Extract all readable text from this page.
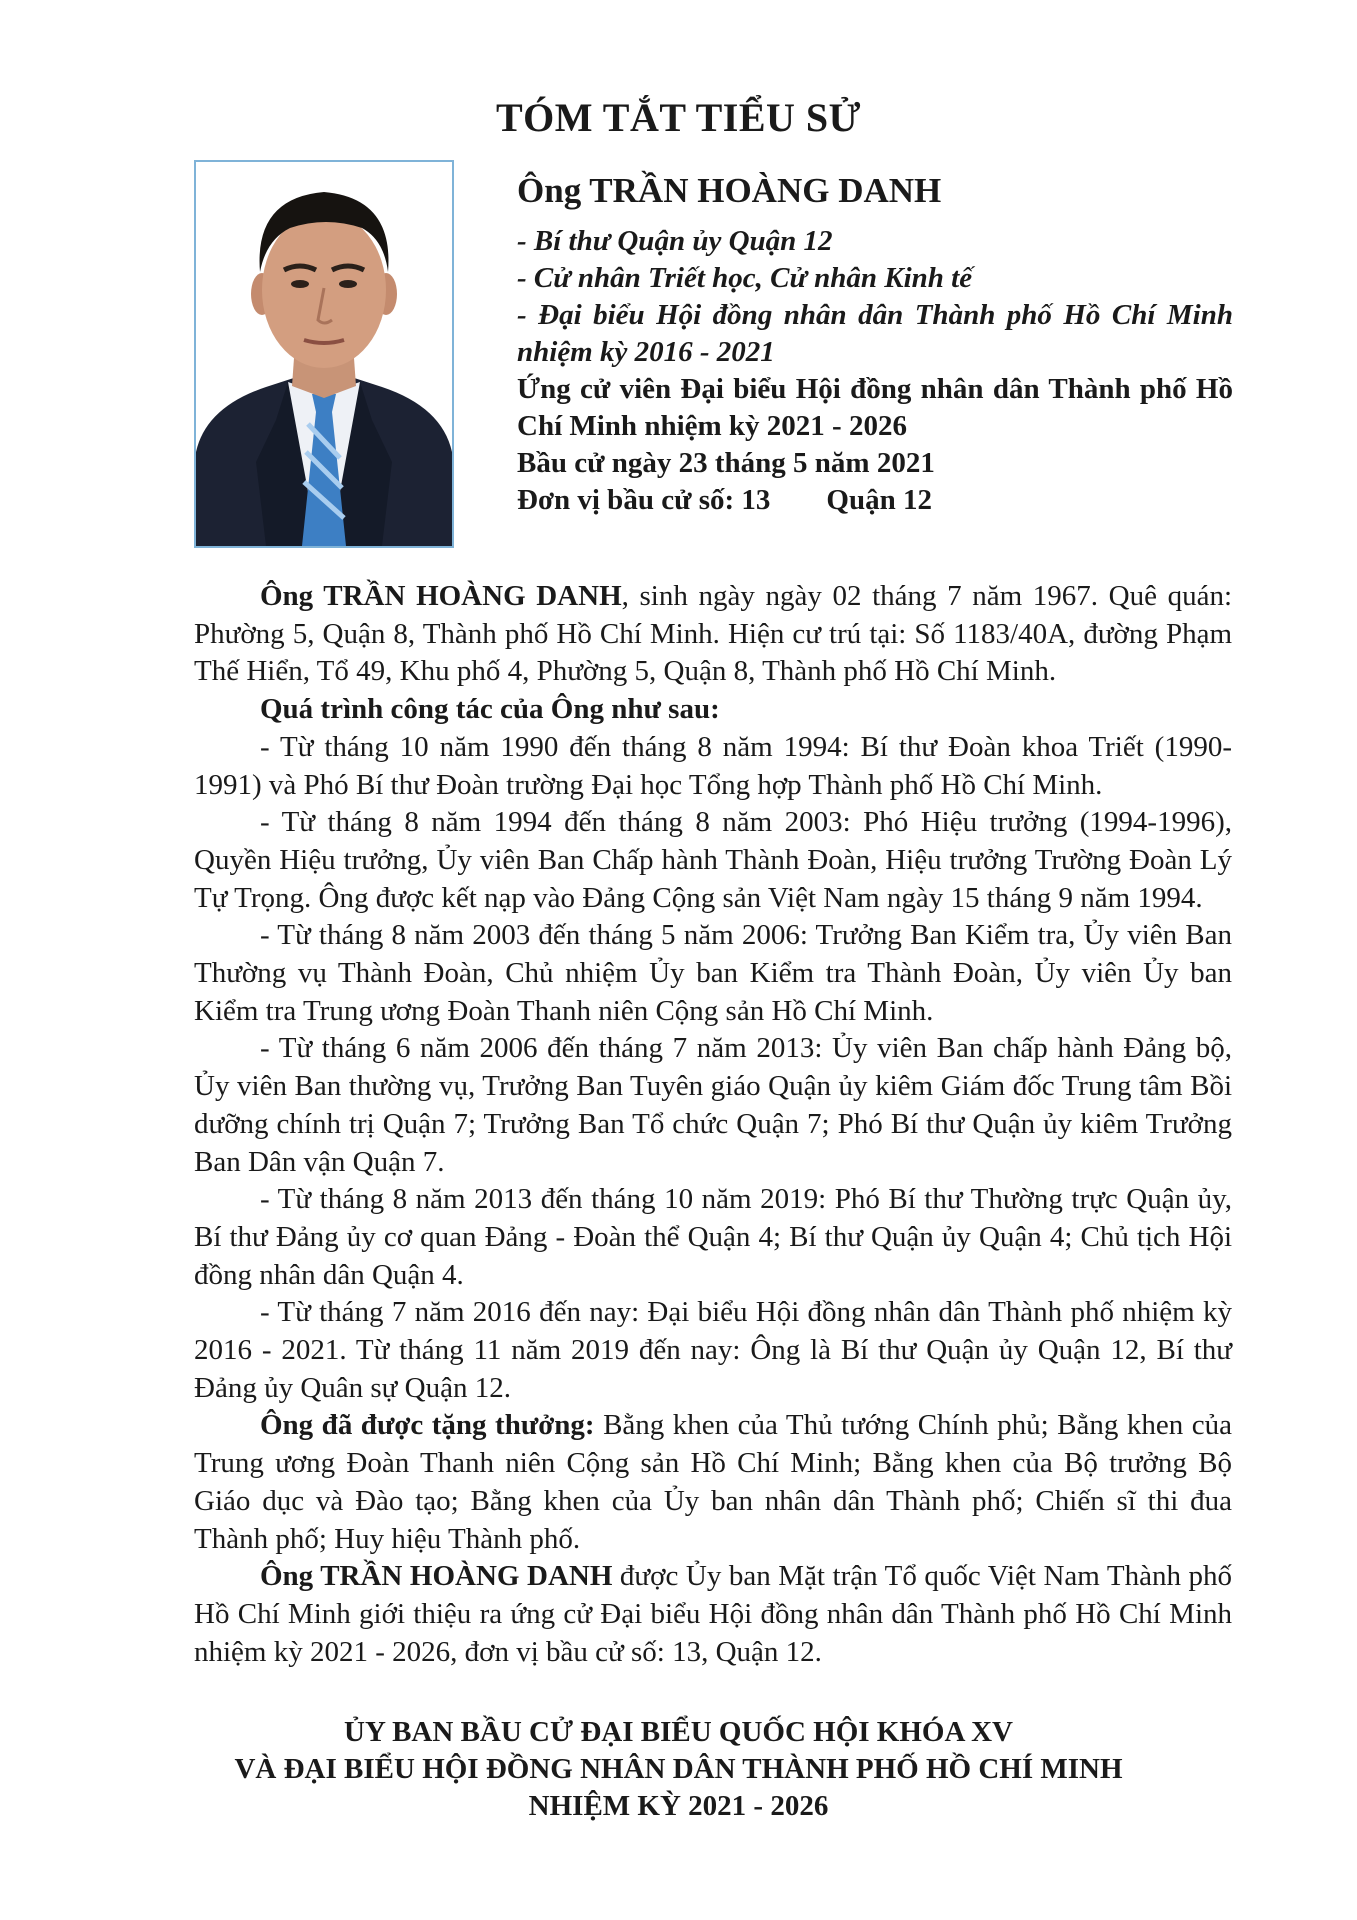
TÓM TẮT TIỂU SỬ
Ông TRẦN HOÀNG DANH
- Bí thư Quận ủy Quận 12
- Cử nhân Triết học, Cử nhân Kinh tế
- Đại biểu Hội đồng nhân dân Thành phố Hồ Chí Minh nhiệm kỳ 2016 - 2021
Ứng cử viên Đại biểu Hội đồng nhân dân Thành phố Hồ Chí Minh nhiệm kỳ 2021 - 2026
Bầu cử ngày 23 tháng 5 năm 2021
Đơn vị bầu cử số: 13 Quận 12

Ông TRẦN HOÀNG DANH, sinh ngày ngày 02 tháng 7 năm 1967. Quê quán: Phường 5, Quận 8, Thành phố Hồ Chí Minh. Hiện cư trú tại: Số 1183/40A, đường Phạm Thế Hiển, Tổ 49, Khu phố 4, Phường 5, Quận 8, Thành phố Hồ Chí Minh.

Quá trình công tác của Ông như sau:

- Từ tháng 10 năm 1990 đến tháng 8 năm 1994: Bí thư Đoàn khoa Triết (1990-1991) và Phó Bí thư Đoàn trường Đại học Tổng hợp Thành phố Hồ Chí Minh.

- Từ tháng 8 năm 1994 đến tháng 8 năm 2003: Phó Hiệu trưởng (1994-1996), Quyền Hiệu trưởng, Ủy viên Ban Chấp hành Thành Đoàn, Hiệu trưởng Trường Đoàn Lý Tự Trọng. Ông được kết nạp vào Đảng Cộng sản Việt Nam ngày 15 tháng 9 năm 1994.

- Từ tháng 8 năm 2003 đến tháng 5 năm 2006: Trưởng Ban Kiểm tra, Ủy viên Ban Thường vụ Thành Đoàn, Chủ nhiệm Ủy ban Kiểm tra Thành Đoàn, Ủy viên Ủy ban Kiểm tra Trung ương Đoàn Thanh niên Cộng sản Hồ Chí Minh.

- Từ tháng 6 năm 2006 đến tháng 7 năm 2013: Ủy viên Ban chấp hành Đảng bộ, Ủy viên Ban thường vụ, Trưởng Ban Tuyên giáo Quận ủy kiêm Giám đốc Trung tâm Bồi dưỡng chính trị Quận 7; Trưởng Ban Tổ chức Quận 7; Phó Bí thư Quận ủy kiêm Trưởng Ban Dân vận Quận 7.

- Từ tháng 8 năm 2013 đến tháng 10 năm 2019: Phó Bí thư Thường trực Quận ủy, Bí thư Đảng ủy cơ quan Đảng - Đoàn thể Quận 4; Bí thư Quận ủy Quận 4; Chủ tịch Hội đồng nhân dân Quận 4.

- Từ tháng 7 năm 2016 đến nay: Đại biểu Hội đồng nhân dân Thành phố nhiệm kỳ 2016 - 2021. Từ tháng 11 năm 2019 đến nay: Ông là Bí thư Quận ủy Quận 12, Bí thư Đảng ủy Quân sự Quận 12.

Ông đã được tặng thưởng: Bằng khen của Thủ tướng Chính phủ; Bằng khen của Trung ương Đoàn Thanh niên Cộng sản Hồ Chí Minh; Bằng khen của Bộ trưởng Bộ Giáo dục và Đào tạo; Bằng khen của Ủy ban nhân dân Thành phố; Chiến sĩ thi đua Thành phố; Huy hiệu Thành phố.

Ông TRẦN HOÀNG DANH được Ủy ban Mặt trận Tổ quốc Việt Nam Thành phố Hồ Chí Minh giới thiệu ra ứng cử Đại biểu Hội đồng nhân dân Thành phố Hồ Chí Minh nhiệm kỳ 2021 - 2026, đơn vị bầu cử số: 13, Quận 12.

ỦY BAN BẦU CỬ ĐẠI BIỂU QUỐC HỘI KHÓA XV
VÀ ĐẠI BIỂU HỘI ĐỒNG NHÂN DÂN THÀNH PHỐ HỒ CHÍ MINH
NHIỆM KỲ 2021 - 2026
